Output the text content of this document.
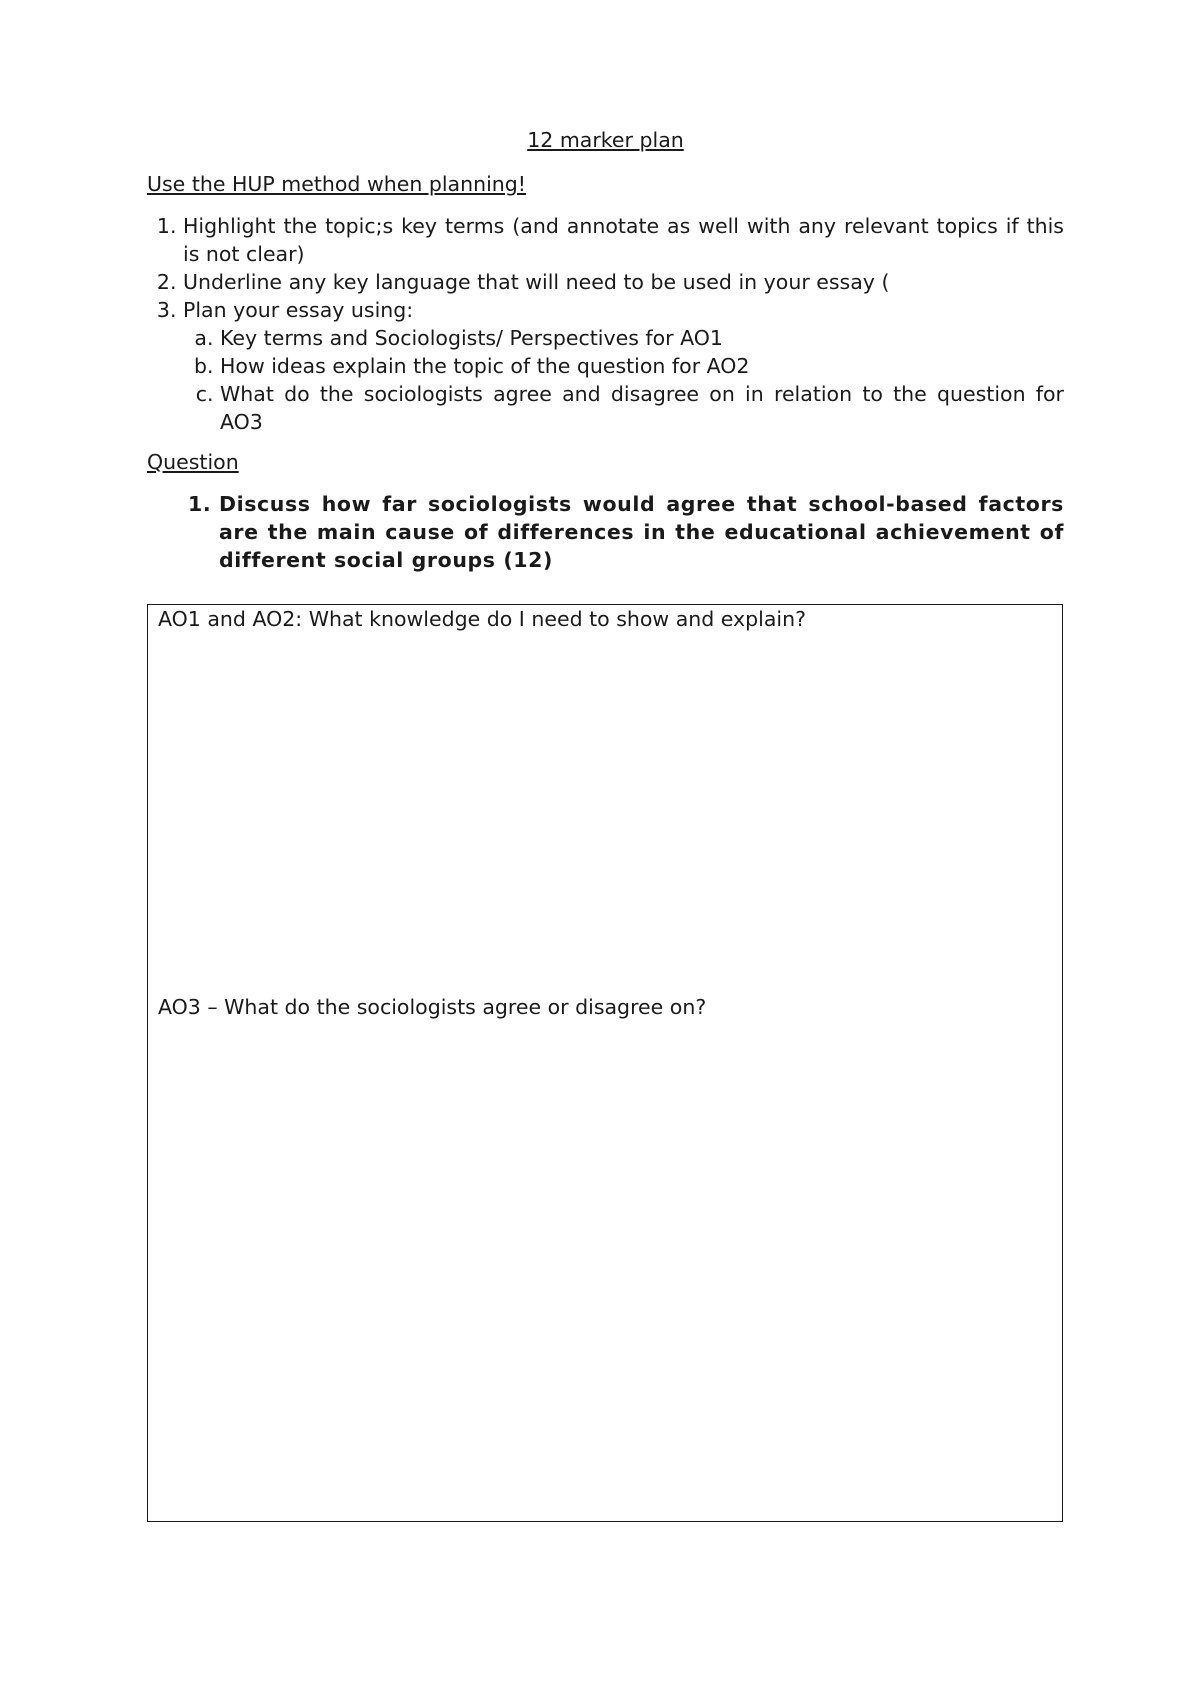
12 marker plan
Use the HUP method when planning!
1. Highlight the topic;s key terms (and annotate as well with any relevant topics if this is not clear)
2. Underline any key language that will need to be used in your essay (
3. Plan your essay using:
a. Key terms and Sociologists/ Perspectives for AO1
b. How ideas explain the topic of the question for AO2
c. What do the sociologists agree and disagree on in relation to the question for AO3
Question
1. Discuss how far sociologists would agree that school-based factors are the main cause of differences in the educational achievement of different social groups (12)
AO1 and AO2: What knowledge do I need to show and explain?
AO3 – What do the sociologists agree or disagree on?
